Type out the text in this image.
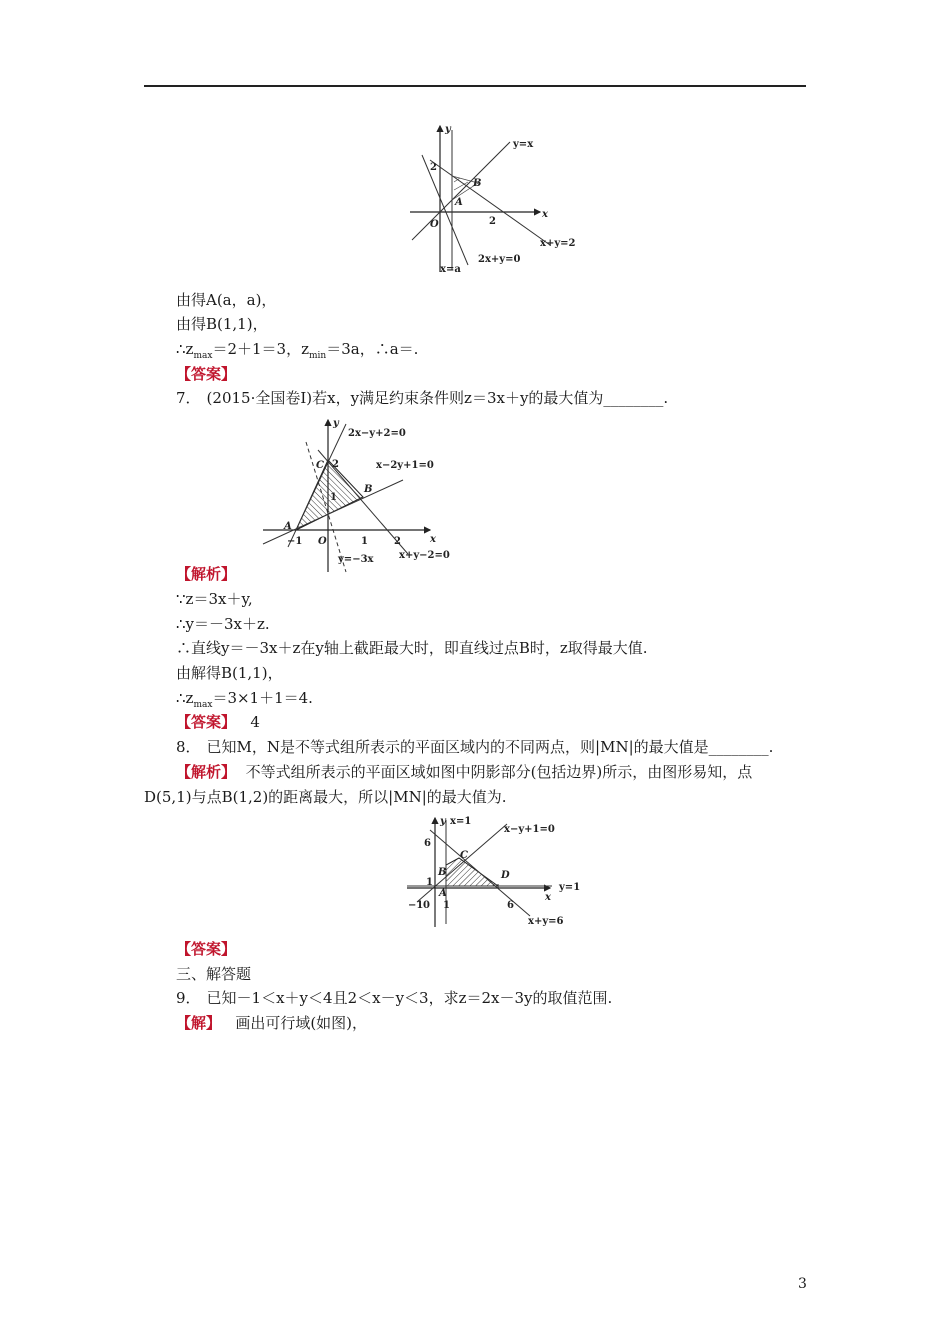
y
x
2
2
O
A
B
y=x
x+y=2
2x+y=0
x=a
由得A(a，a)，
由得B(1,1)，
$\therefore z_{max}=2+1=3$，$z_{min}=3a$，∴a＝.
【答案】
7． (2015·全国卷Ⅰ)若x，y满足约束条件则z＝3x＋y的最大值为________.
y
x
C 2
1
B
A
−1 O	1	2
2x−y+2=0
x−2y+1=0
x+y−2=0
y=−3x
【解析】
∵z＝3x＋y,
∴y＝－3x＋z.
∴直线y＝－3x＋z在y轴上截距最大时，即直线过点B时，z取得最大值.
由解得B(1,1)，
$\therefore z_{max}=3\times 1+1=4$.
【答案】 4
8． 已知M，N是不等式组所表示的平面区域内的不同两点，则|MN|的最大值是________.
【解析】 不等式组所表示的平面区域如图中阴影部分(包括边界)所示，由图形易知，点
D(5,1)与点B(1,2)的距离最大，所以|MN|的最大值为.
y
6
x=1
x−y+1=0
C
B	D
1
A
y=1
x
−1 0 1	6
x+y=6
【答案】
三、解答题
9． 已知－1＜x＋y＜4且2＜x－y＜3，求z＝2x－3y的取值范围.
【解】 画出可行域(如图)，
3
